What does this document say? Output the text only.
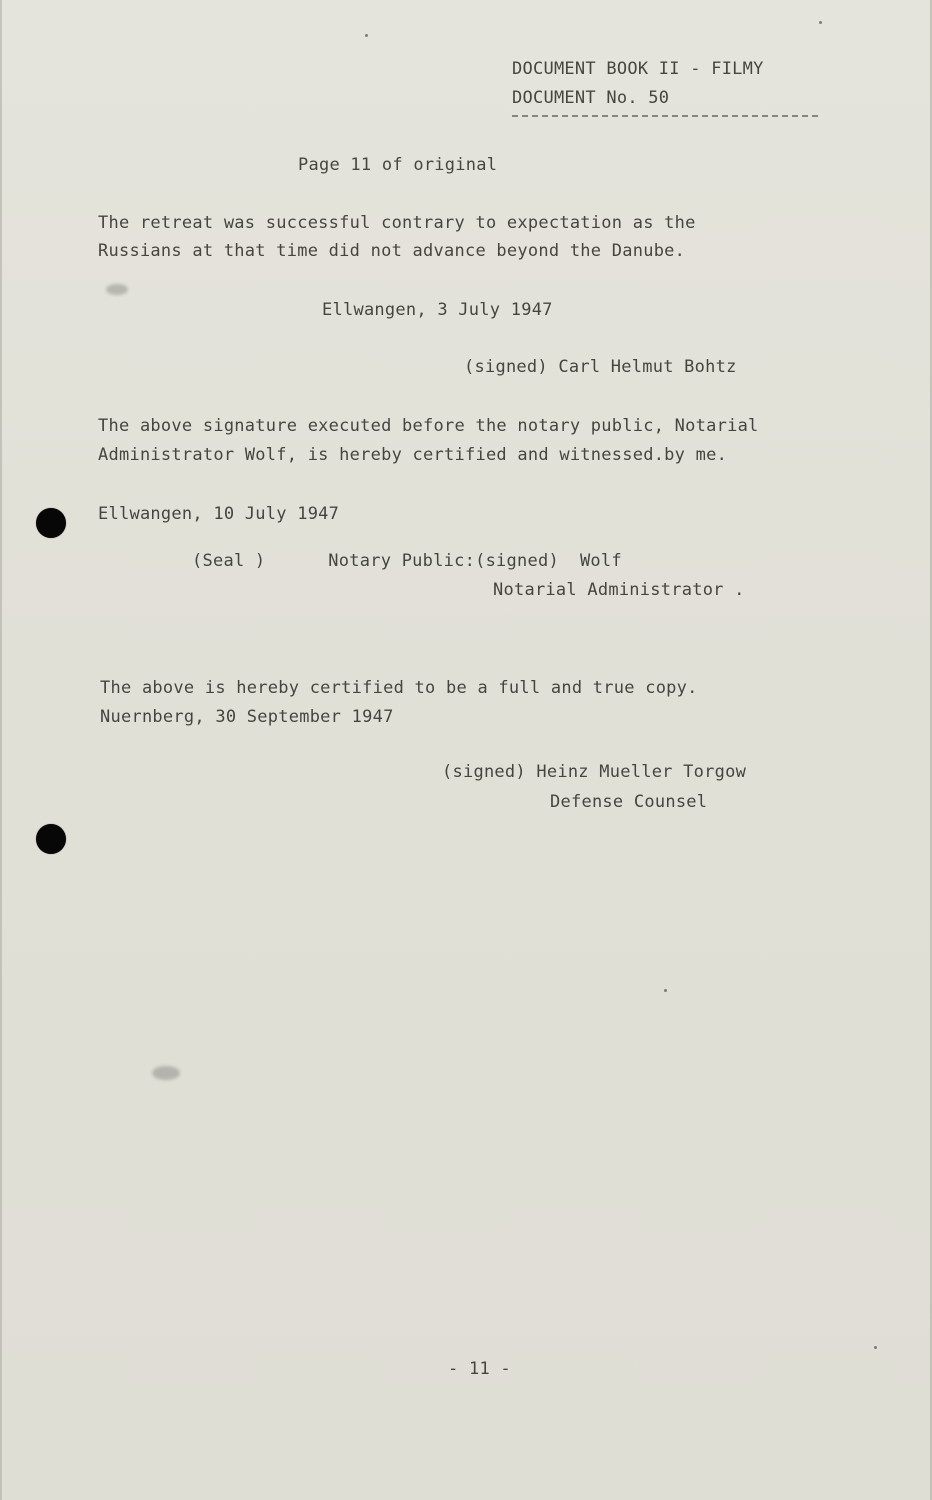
DOCUMENT BOOK II - FILMY
DOCUMENT No. 50
Page 11 of original
The retreat was successful contrary to expectation as the
Russians at that time did not advance beyond the Danube.
Ellwangen, 3 July 1947
(signed) Carl Helmut Bohtz
The above signature executed before the notary public, Notarial
Administrator Wolf, is hereby certified and witnessed.by me.
Ellwangen, 10 July 1947
(Seal )      Notary Public:(signed)  Wolf
Notarial Administrator .
The above is hereby certified to be a full and true copy.
Nuernberg, 30 September 1947
(signed) Heinz Mueller Torgow
Defense Counsel
- 11 -
